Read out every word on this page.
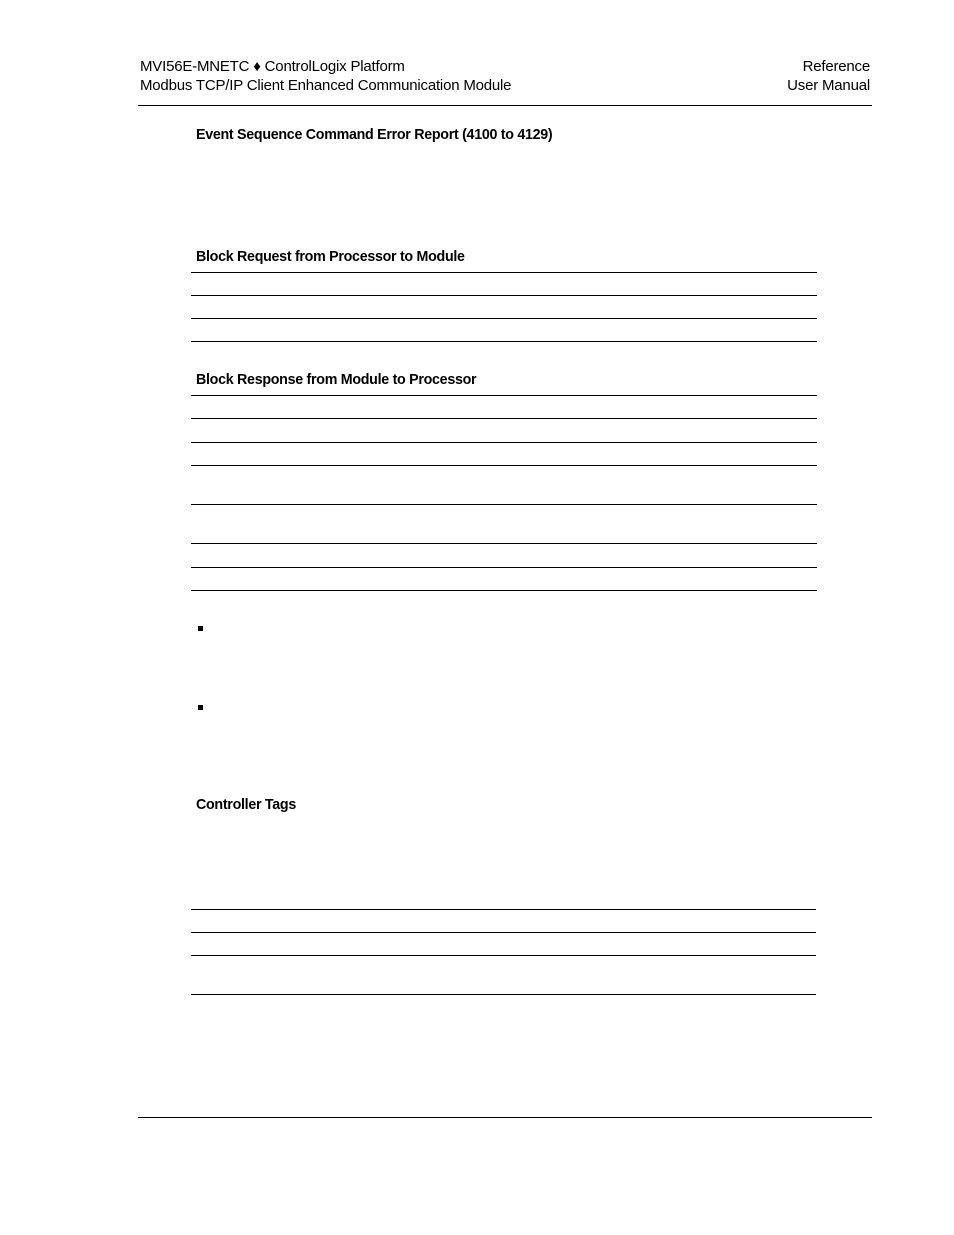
MVI56E-MNETC ♦ ControlLogix Platform
Modbus TCP/IP Client Enhanced Communication Module
Reference
User Manual
Event Sequence Command Error Report (4100 to 4129)
Block Request from Processor to Module
Block Response from Module to Processor
Controller Tags
